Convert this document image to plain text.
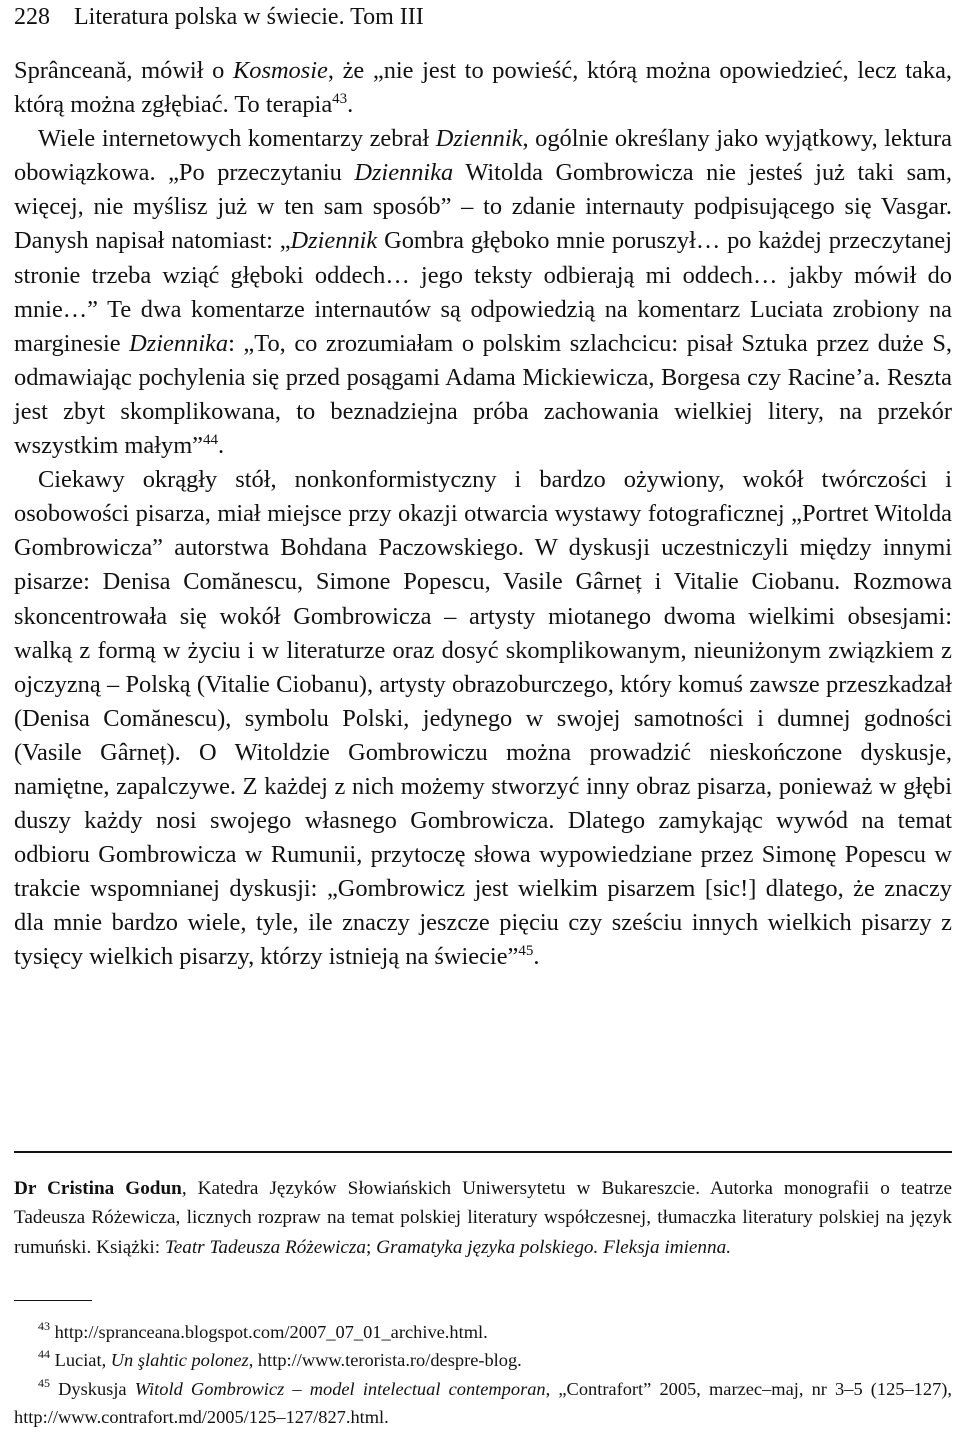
228 Literatura polska w świecie. Tom III

Sprânceană, mówił o Kosmosie, że „nie jest to powieść, którą można opowiedzieć, lecz taka, którą można zgłębiać. To terapia$^{43}$.

Wiele internetowych komentarzy zebrał Dziennik, ogólnie określany jako wyjątkowy, lektura obowiązkowa. „Po przeczytaniu Dziennika Witolda Gombrowicza nie jesteś już taki sam, więcej, nie myślisz już w ten sam sposób” – to zdanie internauty podpisującego się Vasgar. Danysh napisał natomiast: „Dziennik Gombra głęboko mnie poruszył… po każdej przeczytanej stronie trzeba wziąć głęboki oddech… jego teksty odbierają mi oddech… jakby mówił do mnie…” Te dwa komentarze internautów są odpowiedzią na komentarz Luciata zrobiony na marginesie Dziennika: „To, co zrozumiałam o polskim szlachcicu: pisał Sztuka przez duże S, odmawiając pochylenia się przed posągami Adama Mickiewicza, Borgesa czy Racine’a. Reszta jest zbyt skomplikowana, to beznadziejna próba zachowania wielkiej litery, na przekór wszystkim małym”$^{44}$.

Ciekawy okrągły stół, nonkonformistyczny i bardzo ożywiony, wokół twórczości i osobowości pisarza, miał miejsce przy okazji otwarcia wystawy fotograficznej „Portret Witolda Gombrowicza” autorstwa Bohdana Paczowskiego. W dyskusji uczestniczyli między innymi pisarze: Denisa Comănescu, Simone Popescu, Vasile Gârneț i Vitalie Ciobanu. Rozmowa skoncentrowała się wokół Gombrowicza – artysty miotanego dwoma wielkimi obsesjami: walką z formą w życiu i w literaturze oraz dosyć skomplikowanym, nieuniżonym związkiem z ojczyzną – Polską (Vitalie Ciobanu), artysty obrazoburczego, który komuś zawsze przeszkadzał (Denisa Comănescu), symbolu Polski, jedynego w swojej samotności i dumnej godności (Vasile Gârneț). O Witoldzie Gombrowiczu można prowadzić nieskończone dyskusje, namiętne, zapalczywe. Z każdej z nich możemy stworzyć inny obraz pisarza, ponieważ w głębi duszy każdy nosi swojego własnego Gombrowicza. Dlatego zamykając wywód na temat odbioru Gombrowicza w Rumunii, przytoczę słowa wypowiedziane przez Simonę Popescu w trakcie wspomnianej dyskusji: „Gombrowicz jest wielkim pisarzem [sic!] dlatego, że znaczy dla mnie bardzo wiele, tyle, ile znaczy jeszcze pięciu czy sześciu innych wielkich pisarzy z tysięcy wielkich pisarzy, którzy istnieją na świecie”$^{45}$.

Dr Cristina Godun, Katedra Języków Słowiańskich Uniwersytetu w Bukareszcie. Autorka monografii o teatrze Tadeusza Różewicza, licznych rozpraw na temat polskiej literatury współczesnej, tłumaczka literatury polskiej na język rumuński. Książki: Teatr Tadeusza Różewicza; Gramatyka języka polskiego. Fleksja imienna.

$^{43}$ http://spranceana.blogspot.com/2007_07_01_archive.html.

$^{44}$ Luciat, Un şlahtic polonez, http://www.terorista.ro/despre-blog.

$^{45}$ Dyskusja Witold Gombrowicz – model intelectual contemporan, „Contrafort” 2005, marzec–maj, nr 3–5 (125–127), http://www.contrafort.md/2005/125–127/827.html.
